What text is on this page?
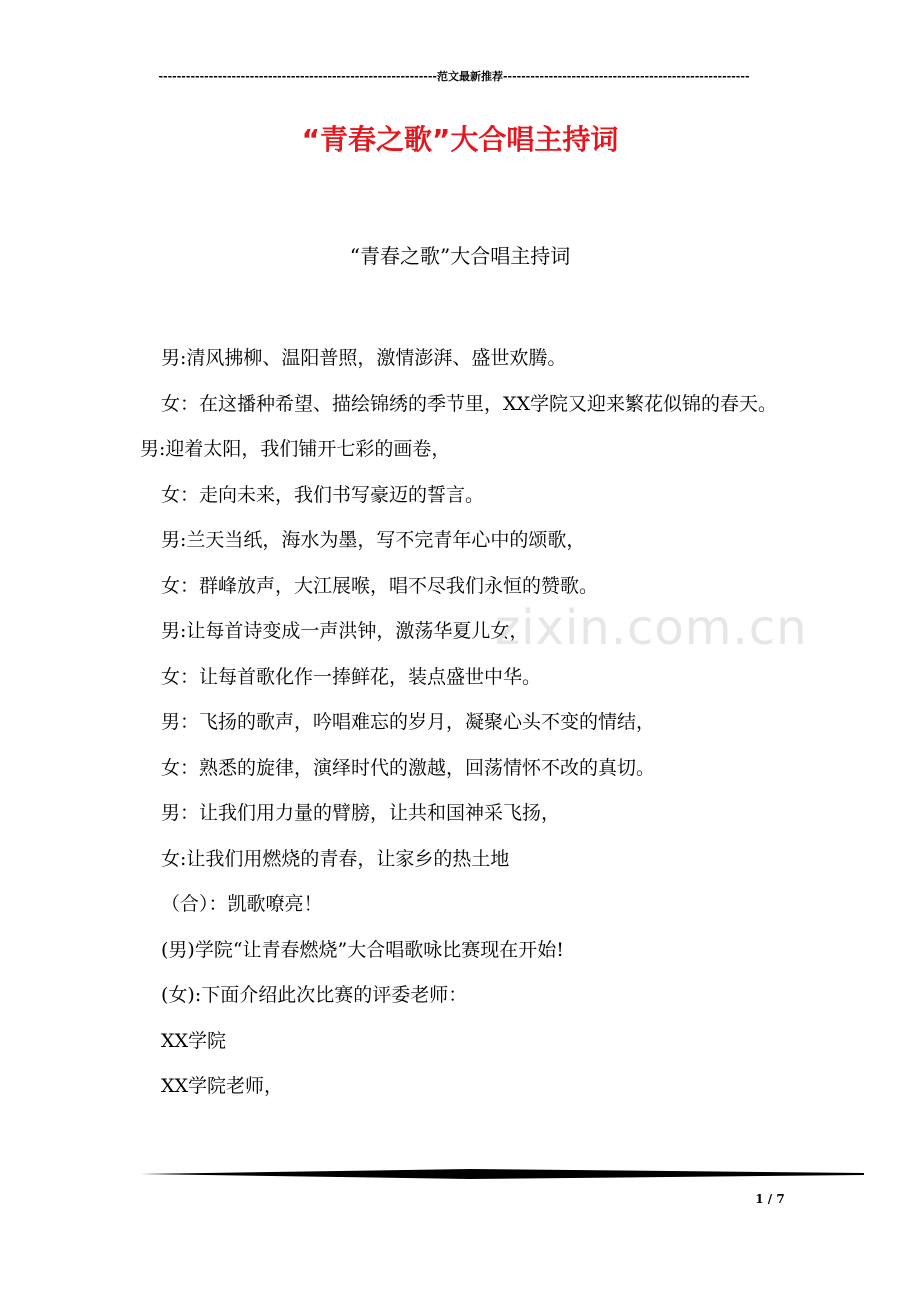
-------------------------------------------------------------范文最新推荐------------------------------------------------------
“青春之歌”大合唱主持词
“青春之歌”大合唱主持词

男:清风拂柳、温阳普照，激情澎湃、盛世欢腾。

女：在这播种希望、描绘锦绣的季节里，XX学院又迎来繁花似锦的春天。男:迎着太阳，我们铺开七彩的画卷，

女：走向未来，我们书写豪迈的誓言。

男:兰天当纸，海水为墨，写不完青年心中的颂歌，

女：群峰放声，大江展喉，唱不尽我们永恒的赞歌。

男:让每首诗变成一声洪钟，激荡华夏儿女，

女：让每首歌化作一捧鲜花，装点盛世中华。

男：飞扬的歌声，吟唱难忘的岁月，凝聚心头不变的情结，

女：熟悉的旋律，演绎时代的激越，回荡情怀不改的真切。

男：让我们用力量的臂膀，让共和国神采飞扬，

女:让我们用燃烧的青春，让家乡的热土地

（合）：凯歌嘹亮！

(男)学院“让青春燃烧”大合唱歌咏比赛现在开始!

(女):下面介绍此次比赛的评委老师：

XX学院

XX学院老师，

zixin.com.cn
1 / 7
